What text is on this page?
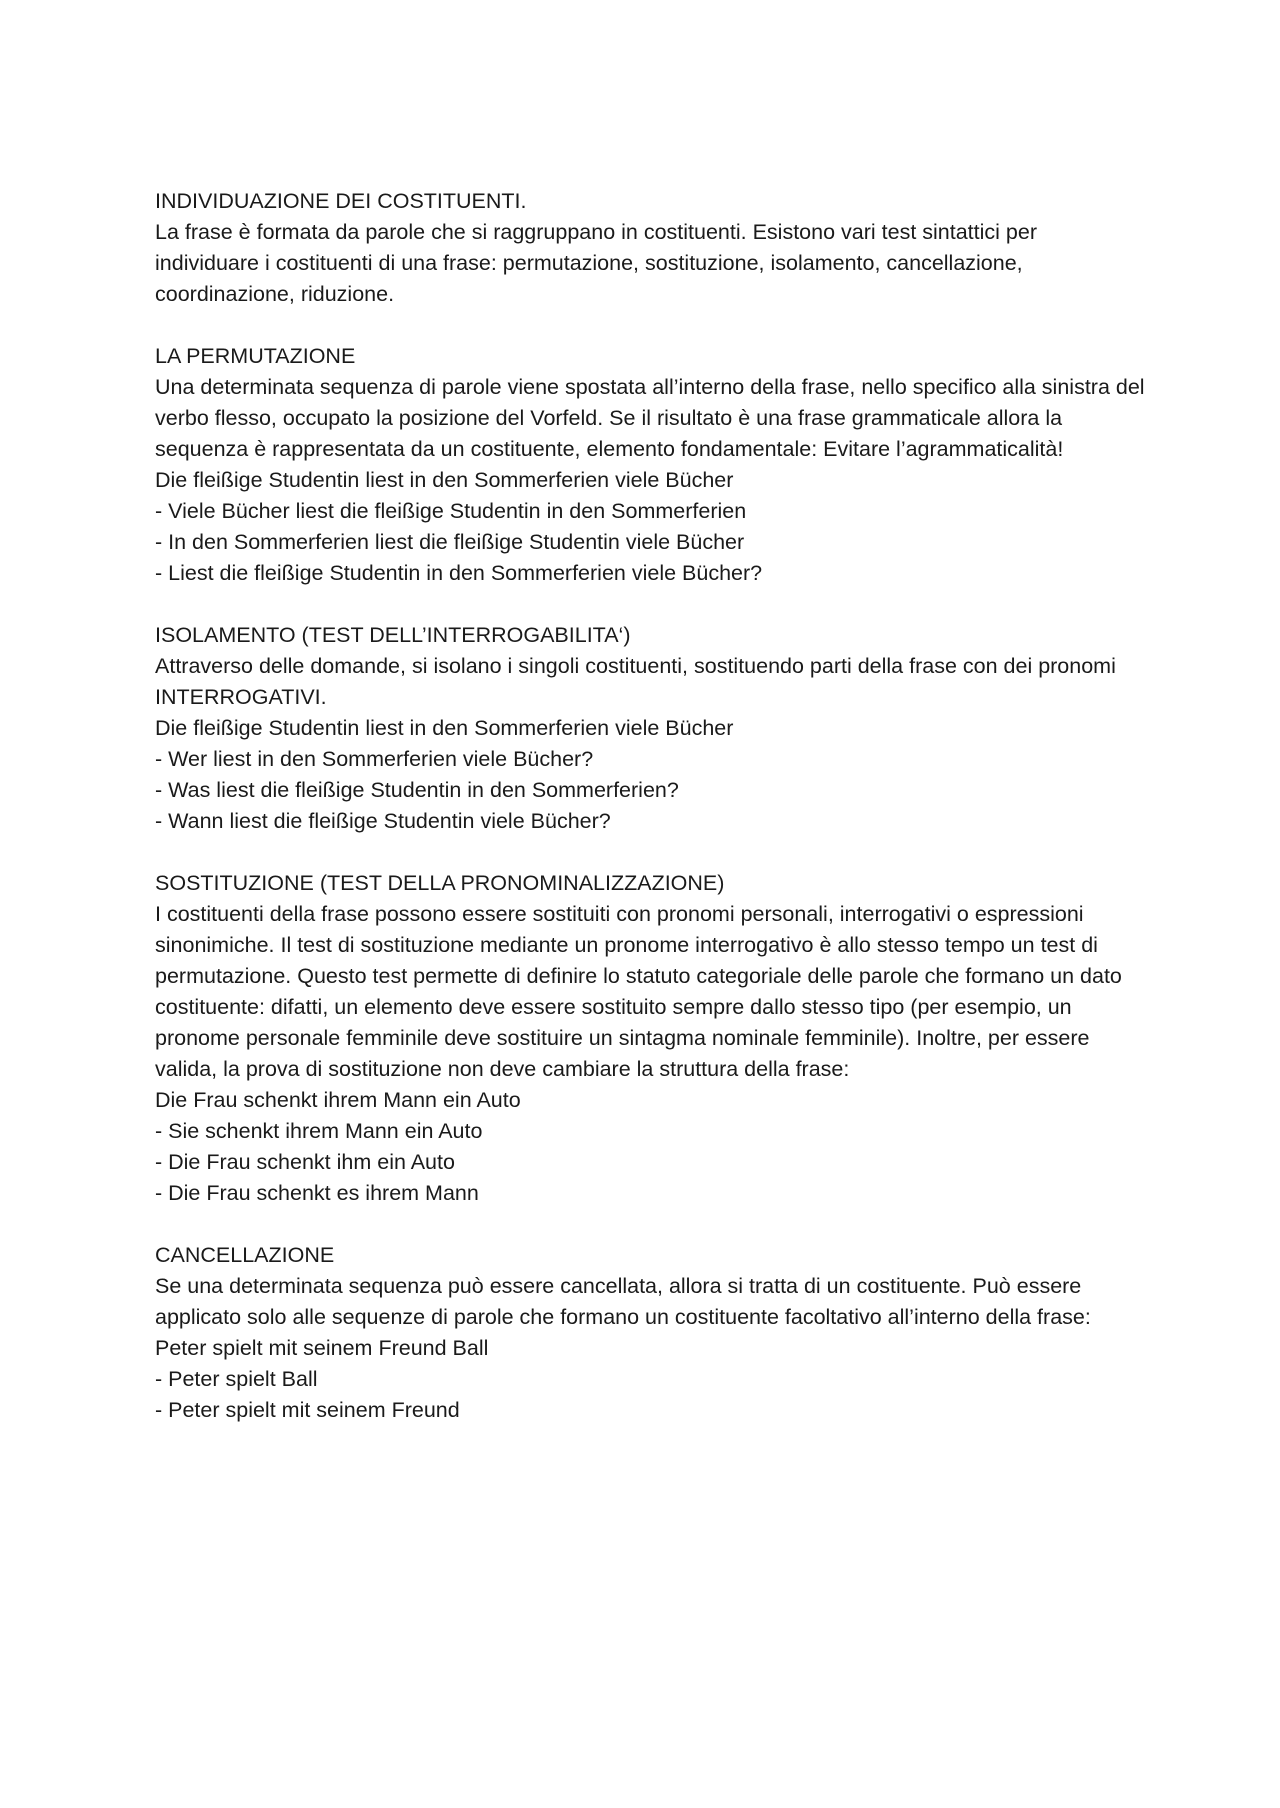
INDIVIDUAZIONE DEI COSTITUENTI.

La frase è formata da parole che si raggruppano in costituenti. Esistono vari test sintattici per individuare i costituenti di una frase: permutazione, sostituzione, isolamento, cancellazione, coordinazione, riduzione.

LA PERMUTAZIONE

Una determinata sequenza di parole viene spostata all’interno della frase, nello specifico alla sinistra del verbo flesso, occupato la posizione del Vorfeld. Se il risultato è una frase grammaticale allora la sequenza è rappresentata da un costituente, elemento fondamentale: Evitare l’agrammaticalità!

Die fleißige Studentin liest in den Sommerferien viele Bücher

- Viele Bücher liest die fleißige Studentin in den Sommerferien

- In den Sommerferien liest die fleißige Studentin viele Bücher

- Liest die fleißige Studentin in den Sommerferien viele Bücher?

ISOLAMENTO (TEST DELL’INTERROGABILITA‘)

Attraverso delle domande, si isolano i singoli costituenti, sostituendo parti della frase con dei pronomi INTERROGATIVI.

Die fleißige Studentin liest in den Sommerferien viele Bücher

- Wer liest in den Sommerferien viele Bücher?

- Was liest die fleißige Studentin in den Sommerferien?

- Wann liest die fleißige Studentin viele Bücher?

SOSTITUZIONE (TEST DELLA PRONOMINALIZZAZIONE)

I costituenti della frase possono essere sostituiti con pronomi personali, interrogativi o espressioni sinonimiche. Il test di sostituzione mediante un pronome interrogativo è allo stesso tempo un test di permutazione. Questo test permette di definire lo statuto categoriale delle parole che formano un dato costituente: difatti, un elemento deve essere sostituito sempre dallo stesso tipo (per esempio, un pronome personale femminile deve sostituire un sintagma nominale femminile). Inoltre, per essere valida, la prova di sostituzione non deve cambiare la struttura della frase:

Die Frau schenkt ihrem Mann ein Auto

- Sie schenkt ihrem Mann ein Auto

- Die Frau schenkt ihm ein Auto

- Die Frau schenkt es ihrem Mann

CANCELLAZIONE

Se una determinata sequenza può essere cancellata, allora si tratta di un costituente. Può essere applicato solo alle sequenze di parole che formano un costituente facoltativo all’interno della frase:

Peter spielt mit seinem Freund Ball

- Peter spielt Ball

- Peter spielt mit seinem Freund
